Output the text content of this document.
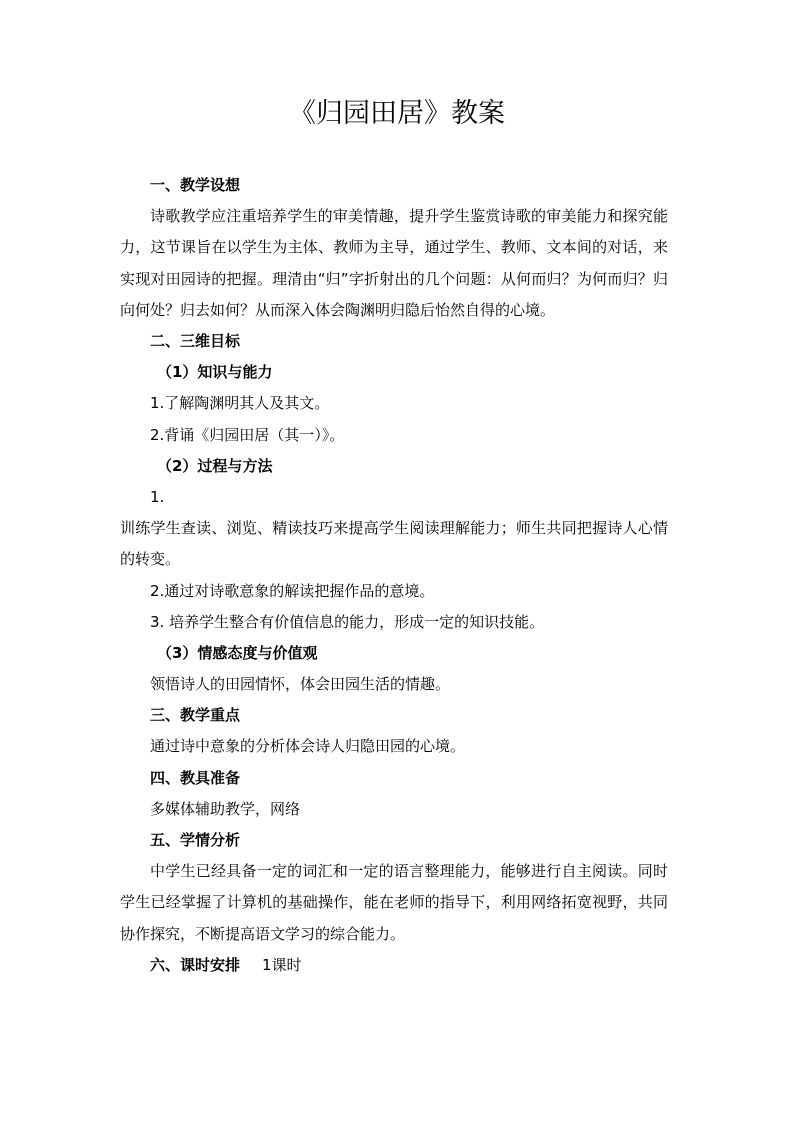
《归园田居》教案
一、教学设想
诗歌教学应注重培养学生的审美情趣，提升学生鉴赏诗歌的审美能力和探究能力，这节课旨在以学生为主体、教师为主导，通过学生、教师、文本间的对话，来实现对田园诗的把握。理清由“归”字折射出的几个问题：从何而归？为何而归？归向何处？归去如何？从而深入体会陶渊明归隐后怡然自得的心境。
二、三维目标
（1）知识与能力
1.了解陶渊明其人及其文。
2.背诵《归园田居（其一）》。
（2）过程与方法
1.
训练学生查读、浏览、精读技巧来提高学生阅读理解能力；师生共同把握诗人心情的转变。
2.通过对诗歌意象的解读把握作品的意境。
3. 培养学生整合有价值信息的能力，形成一定的知识技能。
（3）情感态度与价值观
领悟诗人的田园情怀，体会田园生活的情趣。
三、教学重点
通过诗中意象的分析体会诗人归隐田园的心境。
四、教具准备
多媒体辅助教学，网络
五、学情分析
中学生已经具备一定的词汇和一定的语言整理能力，能够进行自主阅读。同时学生已经掌握了计算机的基础操作，能在老师的指导下，利用网络拓宽视野，共同协作探究，不断提高语文学习的综合能力。
六、课时安排 1课时
